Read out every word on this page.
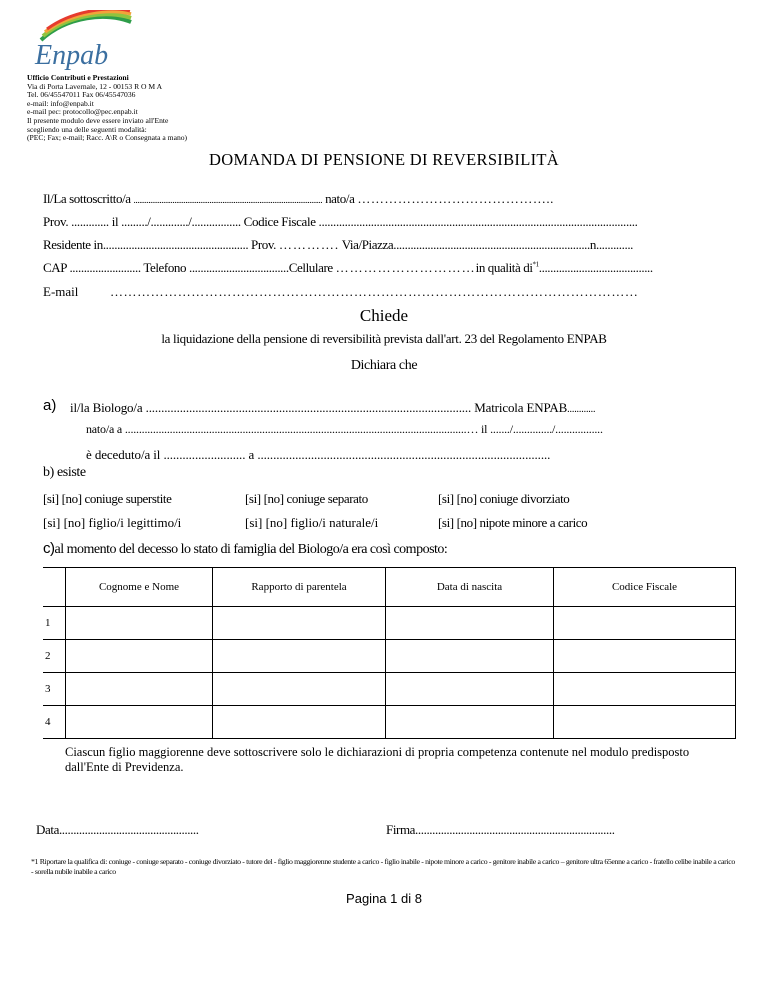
Enpab
Ufficio Contributi e Prestazioni
Via di Porta Lavernale, 12 - 00153 R O M A
Tel. 06/45547011 Fax 06/45547036
e-mail: info@enpab.it
e-mail pec: protocollo@pec.enpab.it
Il presente modulo deve essere inviato all'Ente
scegliendo una delle seguenti modalità:
(PEC; Fax; e-mail; Racc. A\R o Consegnata a mano)
DOMANDA DI PENSIONE DI REVERSIBILITÀ
Il/La sottoscritto/a ...................................................................................................... nato/a ……………………………………..
Prov. ............. il ........./............./................. Codice Fiscale ..............................................................................................................
Residente in................................................... Prov. …………. Via/Piazza.....................................................................n.............
CAP ......................... Telefono ...................................Cellulare …………………………in qualità $di^{*1}$........................................
E-mail ………………………………………………………………………………………………………
Chiede
la liquidazione della pensione di reversibilità prevista dall'art. 23 del Regolamento ENPAB
Dichiara che
a) il/la Biologo/a ......................................................................................................... Matricola ENPAB............
nato/a a ..........................................................................................................................… il ......./............../.................
è deceduto/a il .......................... a .............................................................................................
b) esiste
[si] [no] coniuge superstite	[si] [no] coniuge separato	[si] [no] coniuge divorziato
[si] [no] figlio/i legittimo/i	[si] [no] figlio/i naturale/i	[si] [no] nipote minore a carico
c)al momento del decesso lo stato di famiglia del Biologo/a era così composto:
	Cognome e Nome	Rapporto di parentela	Data di nascita	Codice Fiscale
1				
2				
3				
4				
Ciascun figlio maggiorenne deve sottoscrivere solo le dichiarazioni di propria competenza contenute nel modulo predisposto dall'Ente di Previdenza.
Data.................................................	Firma......................................................................
*1 Riportare la qualifica di: coniuge - coniuge separato - coniuge divorziato - tutore del - figlio maggiorenne studente a carico - figlio inabile - nipote minore a carico - genitore inabile a carico – genitore ultra 65enne a carico - fratello celibe inabile a carico - sorella nubile inabile a carico
Pagina 1 di 8
